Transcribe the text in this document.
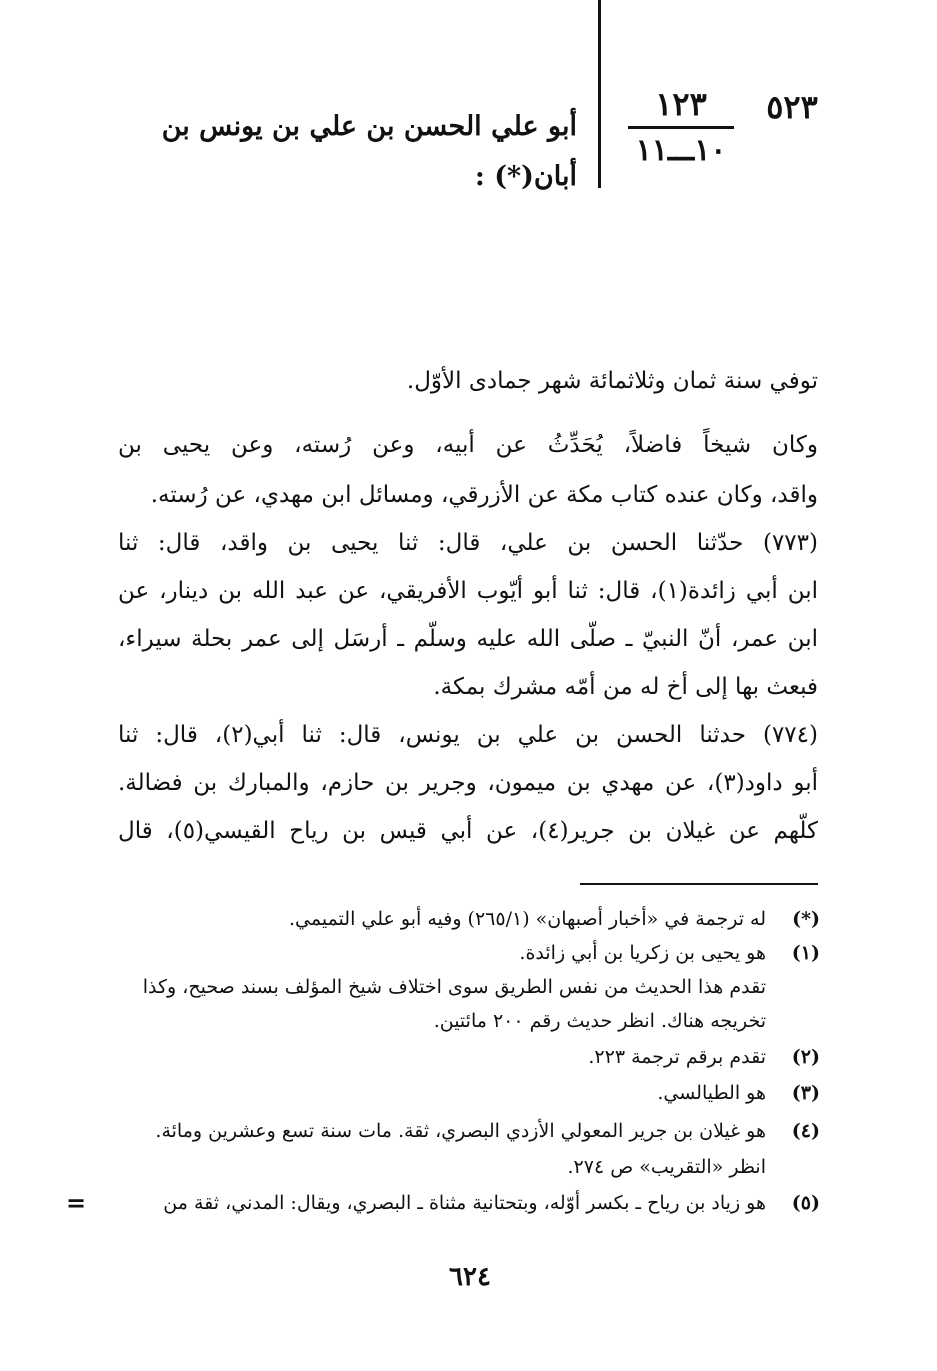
٥٢٣
١٢٣
١٠ـــ١١
أبو علي الحسن بن علي بن يونس بن
أبان(*) :
توفي سنة ثمان وثلاثمائة شهر جمادى الأوّل.
وكان شيخاً فاضلاً، يُحَدِّثُ عن أبيه، وعن رُسته، وعن يحيى بن
واقد، وكان عنده كتاب مكة عن الأزرقي، ومسائل ابن مهدي، عن رُسته.
(٧٧٣) حدّثنا الحسن بن علي، قال: ثنا يحيى بن واقد، قال: ثنا
ابن أبي زائدة(١)، قال: ثنا أبو أيّوب الأفريقي، عن عبد الله بن دينار، عن
ابن عمر، أنّ النبيّ ـ صلّى الله عليه وسلّم ـ أرسَل إلى عمر بحلة سيراء،
فبعث بها إلى أخ له من أمّه مشرك بمكة.
(٧٧٤) حدثنا الحسن بن علي بن يونس، قال: ثنا أبي(٢)، قال: ثنا
أبو داود(٣)، عن مهدي بن ميمون، وجرير بن حازم، والمبارك بن فضالة.
كلّهم عن غيلان بن جرير(٤)، عن أبي قيس بن رياح القيسي(٥)، قال
(*)له ترجمة في «أخبار أصبهان» (٢٦٥/١) وفيه أبو علي التميمي.
(١)هو يحيى بن زكريا بن أبي زائدة.
تقدم هذا الحديث من نفس الطريق سوى اختلاف شيخ المؤلف بسند صحيح، وكذا
تخريجه هناك. انظر حديث رقم ٢٠٠ مائتين.
(٢)تقدم برقم ترجمة ٢٢٣.
(٣)هو الطيالسي.
(٤)هو غيلان بن جرير المعولي الأزدي البصري، ثقة. مات سنة تسع وعشرين ومائة.
انظر «التقريب» ص ٢٧٤.
(٥)هو زياد بن رياح ـ بكسر أوّله، وبتحتانية مثناة ـ البصري، ويقال: المدني، ثقة من
=
٦٢٤
